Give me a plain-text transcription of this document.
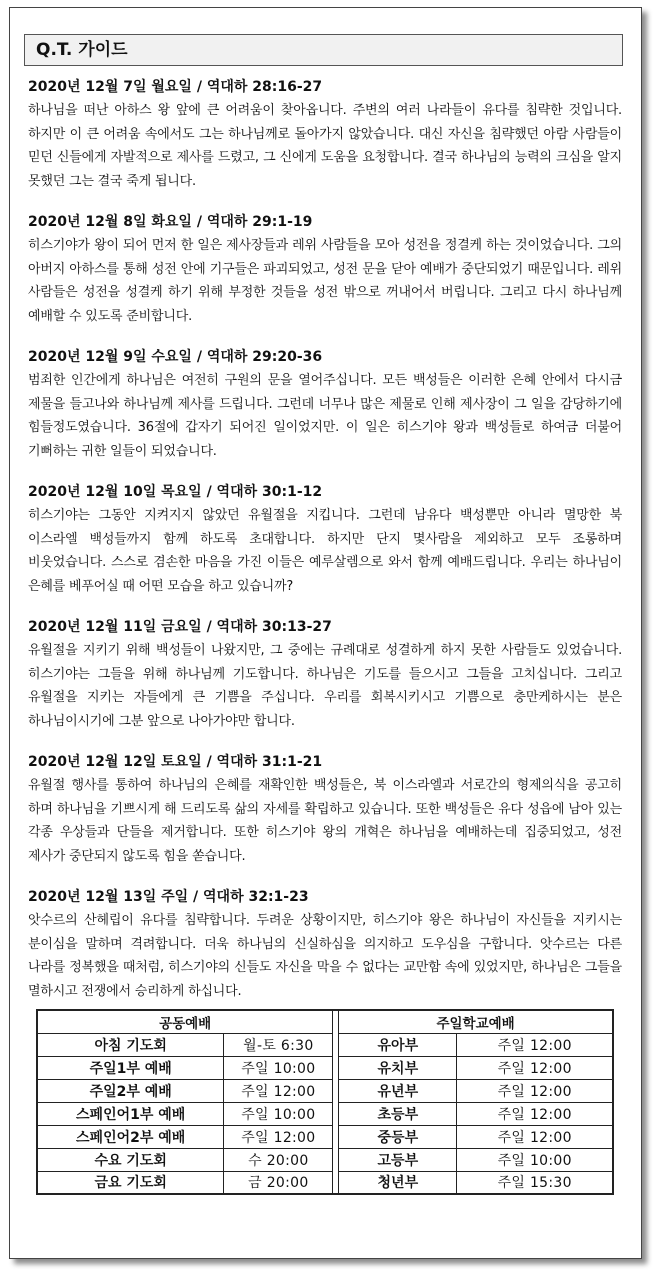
Q.T. 가이드
2020년 12월 7일 월요일 / 역대하 28:16-27
하나님을 떠난 아하스 왕 앞에 큰 어려움이 찾아옵니다. 주변의 여러 나라들이 유다를 침략한 것입니다. 하지만 이 큰 어려움 속에서도 그는 하나님께로 돌아가지 않았습니다. 대신 자신을 침략했던 아람 사람들이 믿던 신들에게 자발적으로 제사를 드렸고, 그 신에게 도움을 요청합니다. 결국 하나님의 능력의 크심을 알지 못했던 그는 결국 죽게 됩니다.
2020년 12월 8일 화요일 / 역대하 29:1-19
히스기야가 왕이 되어 먼저 한 일은 제사장들과 레위 사람들을 모아 성전을 정결케 하는 것이었습니다. 그의 아버지 아하스를 통해 성전 안에 기구들은 파괴되었고, 성전 문을 닫아 예배가 중단되었기 때문입니다. 레위 사람들은 성전을 성결케 하기 위해 부정한 것들을 성전 밖으로 꺼내어서 버립니다. 그리고 다시 하나님께 예배할 수 있도록 준비합니다.
2020년 12월 9일 수요일 / 역대하 29:20-36
범죄한 인간에게 하나님은 여전히 구원의 문을 열어주십니다. 모든 백성들은 이러한 은혜 안에서 다시금 제물을 들고나와 하나님께 제사를 드립니다. 그런데 너무나 많은 제물로 인해 제사장이 그 일을 감당하기에 힘들정도였습니다. 36절에 갑자기 되어진 일이었지만. 이 일은 히스기야 왕과 백성들로 하여금 더불어 기뻐하는 귀한 일들이 되었습니다.
2020년 12월 10일 목요일 / 역대하 30:1-12
히스기야는 그동안 지켜지지 않았던 유월절을 지킵니다. 그런데 남유다 백성뿐만 아니라 멸망한 북 이스라엘 백성들까지 함께 하도록 초대합니다. 하지만 단지 몇사람을 제외하고 모두 조롱하며 비웃었습니다. 스스로 겸손한 마음을 가진 이들은 예루살렘으로 와서 함께 예배드립니다. 우리는 하나님이 은혜를 베푸어실 때 어떤 모습을 하고 있습니까?
2020년 12월 11일 금요일 / 역대하 30:13-27
유월절을 지키기 위해 백성들이 나왔지만, 그 중에는 규례대로 성결하게 하지 못한 사람들도 있었습니다. 히스기야는 그들을 위해 하나님께 기도합니다. 하나님은 기도를 들으시고 그들을 고치십니다. 그리고 유월절을 지키는 자들에게 큰 기쁨을 주십니다. 우리를 회복시키시고 기쁨으로 충만케하시는 분은 하나님이시기에 그분 앞으로 나아가야만 합니다.
2020년 12월 12일 토요일 / 역대하 31:1-21
유월절 행사를 통하여 하나님의 은혜를 재확인한 백성들은, 북 이스라엘과 서로간의 형제의식을 공고히 하며 하나님을 기쁘시게 해 드리도록 삶의 자세를 확립하고 있습니다. 또한 백성들은 유다 성읍에 남아 있는 각종 우상들과 단들을 제거합니다. 또한 히스기야 왕의 개혁은 하나님을 예배하는데 집중되었고, 성전 제사가 중단되지 않도록 힘을 쏟습니다.
2020년 12월 13일 주일 / 역대하 32:1-23
앗수르의 산헤립이 유다를 침략합니다. 두려운 상황이지만, 히스기야 왕은 하나님이 자신들을 지키시는 분이심을 말하며 격려합니다. 더욱 하나님의 신실하심을 의지하고 도우심을 구합니다. 앗수르는 다른 나라를 정복했을 때처럼, 히스기야의 신들도 자신을 막을 수 없다는 교만함 속에 있었지만, 하나님은 그들을 멸하시고 전쟁에서 승리하게 하십니다.
공동예배			주일학교예배	
아침 기도회	월-토 6:30		유아부	주일 12:00
주일1부 예배	주일 10:00		유치부	주일 12:00
주일2부 예배	주일 12:00		유년부	주일 12:00
스페인어1부 예배	주일 10:00		초등부	주일 12:00
스페인어2부 예배	주일 12:00		중등부	주일 12:00
수요 기도회	수 20:00		고등부	주일 10:00
금요 기도회	금 20:00		청년부	주일 15:30
